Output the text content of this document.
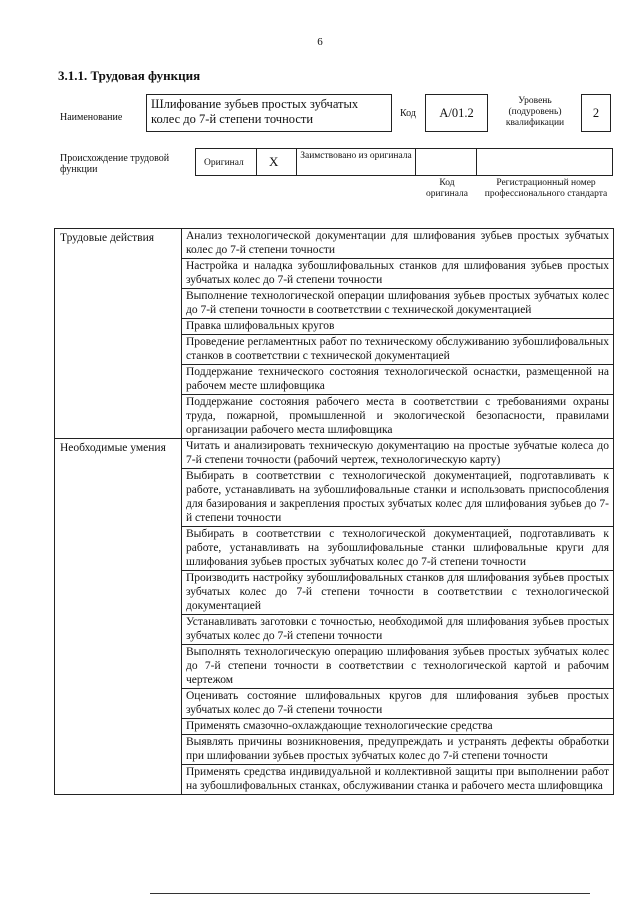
6
3.1.1. Трудовая функция
Наименование
Шлифование зубьев простых зубчатых колес до 7-й степени точности	Код	A/01.2
Уровень (подуровень) квалификации
2
Происхождение трудовой функции
Оригинал X Заимствовано из оригинала
Код оригинала
Регистрационный номер профессионального стандарта
Трудовые действия	Анализ технологической документации для шлифования зубьев простых зубчатых колес до 7-й степени точности
	Настройка и наладка зубошлифовальных станков для шлифования зубьев простых зубчатых колес до 7-й степени точности
	Выполнение технологической операции шлифования зубьев простых зубчатых колес до 7-й степени точности в соответствии с технической документацией
	Правка шлифовальных кругов
	Проведение регламентных работ по техническому обслуживанию зубошлифовальных станков в соответствии с технической документацией
	Поддержание технического состояния технологической оснастки, размещенной на рабочем месте шлифовщика
	Поддержание состояния рабочего места в соответствии с требованиями охраны труда, пожарной, промышленной и экологической безопасности, правилами организации рабочего места шлифовщика
Необходимые умения	Читать и анализировать техническую документацию на простые зубчатые колеса до 7-й степени точности (рабочий чертеж, технологическую карту)
	Выбирать в соответствии с технологической документацией, подготавливать к работе, устанавливать на зубошлифовальные станки и использовать приспособления для базирования и закрепления простых зубчатых колес для шлифования зубьев до 7-й степени точности
	Выбирать в соответствии с технологической документацией, подготавливать к работе, устанавливать на зубошлифовальные станки шлифовальные круги для шлифования зубьев простых зубчатых колес до 7-й степени точности
	Производить настройку зубошлифовальных станков для шлифования зубьев простых зубчатых колес до 7-й степени точности в соответствии с технологической документацией
	Устанавливать заготовки с точностью, необходимой для шлифования зубьев простых зубчатых колес до 7-й степени точности
	Выполнять технологическую операцию шлифования зубьев простых зубчатых колес до 7-й степени точности в соответствии с технологической картой и рабочим чертежом
	Оценивать состояние шлифовальных кругов для шлифования зубьев простых зубчатых колес до 7-й степени точности
	Применять смазочно-охлаждающие технологические средства
	Выявлять причины возникновения, предупреждать и устранять дефекты обработки при шлифовании зубьев простых зубчатых колес до 7-й степени точности
	Применять средства индивидуальной и коллективной защиты при выполнении работ на зубошлифовальных станках, обслуживании станка и рабочего места шлифовщика
